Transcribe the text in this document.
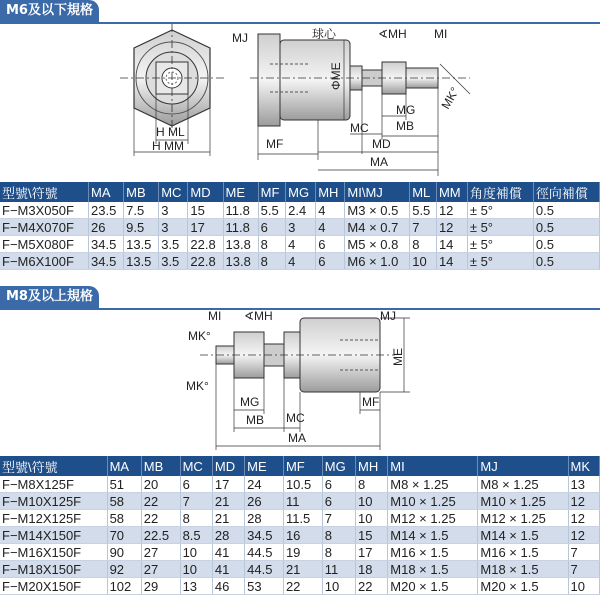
M6及以下規格
H ML
H MM
MJ	球心	∢MH MI
ΦME
MC MB
MG MK°
MF	MD
MA
型號\符號	MA	MB	MC	MD	ME	MF	MG	MH	MI\MJ	ML	MM	角度補償	徑向補償
F−M3X050F	23.5	7.5	3	15	11.8	5.5	2.4	4	M3 × 0.5	5.5	12	± 5°	0.5
F−M4X070F	26	9.5	3	17	11.8	6	3	4	M4 × 0.7	7	12	± 5°	0.5
F−M5X080F	34.5	13.5	3.5	22.8	13.8	8	4	6	M5 × 0.8	8	14	± 5°	0.5
F−M6X100F	34.5	13.5	3.5	22.8	13.8	8	4	6	M6 × 1.0	10	14	± 5°	0.5
M8及以上規格
MI ∢MH	MJ
MK°
MK°
ME
MG
MB MC
MF
MA
型號\符號	MA	MB	MC	MD	ME	MF	MG	MH	MI	MJ	MK
F−M8X125F	51	20	6	17	24	10.5	6	8	M8 × 1.25	M8 × 1.25	13
F−M10X125F	58	22	7	21	26	11	6	10	M10 × 1.25	M10 × 1.25	12
F−M12X125F	58	22	8	21	28	11.5	7	10	M12 × 1.25	M12 × 1.25	12
F−M14X150F	70	22.5	8.5	28	34.5	16	8	15	M14 × 1.5	M14 × 1.5	12
F−M16X150F	90	27	10	41	44.5	19	8	17	M16 × 1.5	M16 × 1.5	7
F−M18X150F	92	27	10	41	44.5	21	11	18	M18 × 1.5	M18 × 1.5	7
F−M20X150F	102	29	13	46	53	22	10	22	M20 × 1.5	M20 × 1.5	10
